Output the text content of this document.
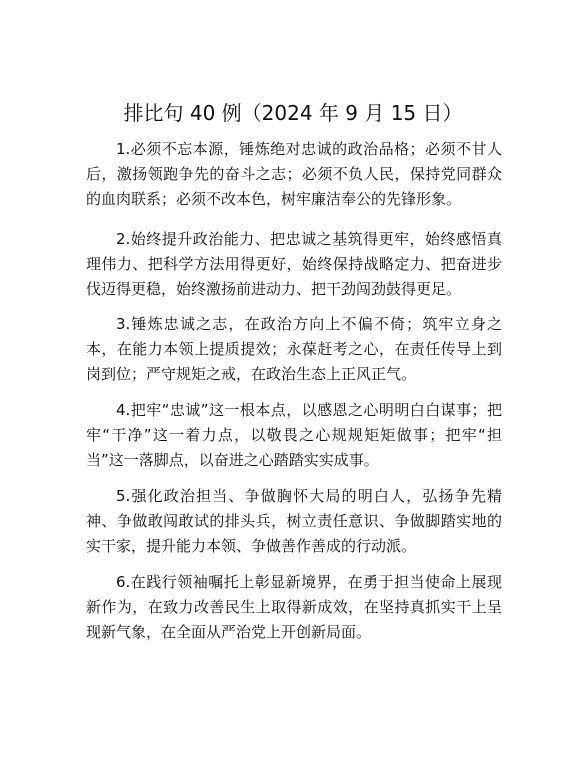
排比句 40 例（2024 年 9 月 15 日）

1.必须不忘本源，锤炼绝对忠诚的政治品格；必须不甘人后，激扬领跑争先的奋斗之志；必须不负人民，保持党同群众的血肉联系；必须不改本色，树牢廉洁奉公的先锋形象。

2.始终提升政治能力、把忠诚之基筑得更牢，始终感悟真理伟力、把科学方法用得更好，始终保持战略定力、把奋进步伐迈得更稳，始终激扬前进动力、把干劲闯劲鼓得更足。

3.锤炼忠诚之志，在政治方向上不偏不倚；筑牢立身之本，在能力本领上提质提效；永葆赶考之心，在责任传导上到岗到位；严守规矩之戒，在政治生态上正风正气。

4.把牢“忠诚”这一根本点，以感恩之心明明白白谋事；把牢“干净”这一着力点，以敬畏之心规规矩矩做事；把牢“担当”这一落脚点，以奋进之心踏踏实实成事。

5.强化政治担当、争做胸怀大局的明白人，弘扬争先精神、争做敢闯敢试的排头兵，树立责任意识、争做脚踏实地的实干家，提升能力本领、争做善作善成的行动派。

6.在践行领袖嘱托上彰显新境界，在勇于担当使命上展现新作为，在致力改善民生上取得新成效，在坚持真抓实干上呈现新气象，在全面从严治党上开创新局面。
